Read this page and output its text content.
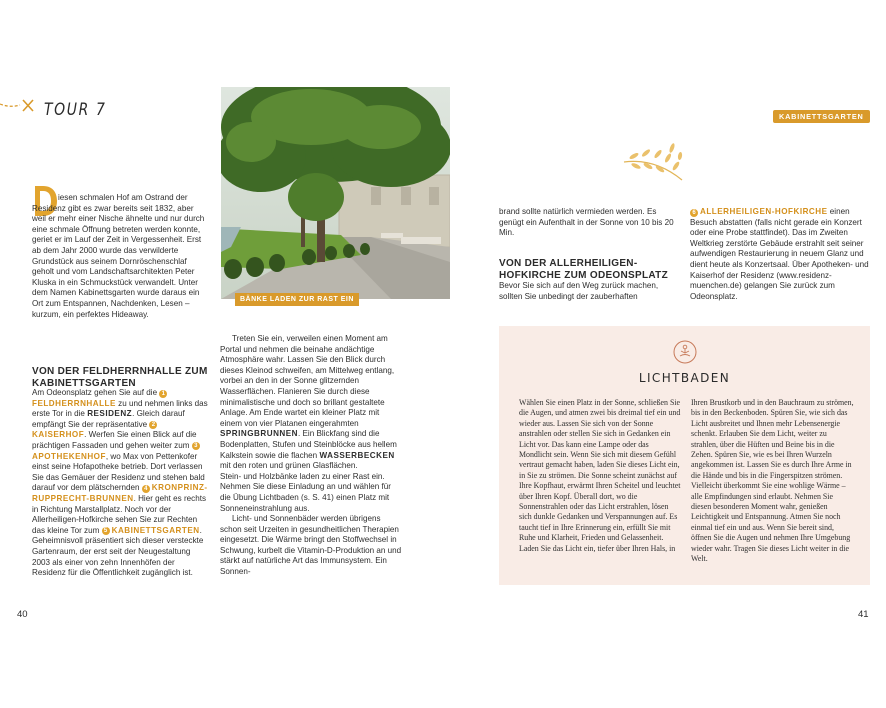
TOUR 7
BÄNKE LADEN ZUR RAST EIN

iesen schmalen Hof am Ostrand der Residenz gibt es zwar bereits seit 1832, aber weil er mehr einer Nische ähnelte und nur durch eine schmale Öffnung betreten werden konnte, geriet er im Lauf der Zeit in Vergessenheit. Erst ab dem Jahr 2000 wurde das verwilderte Grundstück aus seinem Dornröschenschlaf geholt und vom Landschaftsarchitekten Peter Kluska in ein Schmuckstück verwandelt. Unter dem Namen Kabinettsgarten wurde daraus ein Ort zum Entspannen, Nachdenken, Lesen – kurzum, ein perfektes Hideaway.

VON DER FELDHERRNHALLE ZUM KABINETTSGARTEN
Am Odeonsplatz gehen Sie auf die 1FELDHERRNHALLE zu und nehmen links das erste Tor in die RESIDENZ. Gleich darauf empfängt Sie der repräsentative 2KAISERHOF. Werfen Sie einen Blick auf die prächtigen Fassaden und gehen weiter zum 3APOTHEKENHOF, wo Max von Pettenkofer einst seine Hofapotheke betrieb. Dort verlassen Sie das Gemäuer der Residenz und stehen bald darauf vor dem plätschernden 4 KRONPRINZ-RUPPRECHT-BRUNNEN. Hier geht es rechts in Richtung Marstallplatz. Noch vor der Allerheiligen-Hofkirche sehen Sie zur Rechten das kleine Tor zum 5 KABINETTSGARTEN. Geheimnisvoll präsentiert sich dieser versteckte Gartenraum, der erst seit der Neugestaltung 2003 als einer von zehn Innenhöfen der Residenz für die Öffentlichkeit zugänglich ist.

Treten Sie ein, verweilen einen Moment am Portal und nehmen die beinahe andächtige Atmosphäre wahr. Lassen Sie den Blick durch dieses Kleinod schweifen, am Mittelweg entlang, vorbei an den in der Sonne glitzernden Wasserflächen. Flanieren Sie durch diese minimalistische und doch so brillant gestaltete Anlage. Am Ende wartet ein kleiner Platz mit einem von vier Platanen eingerahmten SPRINGBRUNNEN. Ein Blickfang sind die Bodenplatten, Stufen und Steinblöcke aus hellem Kalkstein sowie die flachen WASSERBECKEN mit den roten und grünen Glasflächen.

Stein- und Holzbänke laden zu einer Rast ein. Nehmen Sie diese Einladung an und wählen für die Übung Lichtbaden (s. S. 41) einen Platz mit Sonneneinstrahlung aus.

Licht- und Sonnenbäder werden übrigens schon seit Urzeiten in gesundheitlichen Therapien eingesetzt. Die Wärme bringt den Stoffwechsel in Schwung, kurbelt die Vitamin-D-Produktion an und stärkt auf natürliche Art das Immunsystem. Ein Sonnen-

40
KABINETTSGARTEN
brand sollte natürlich vermieden werden. Es genügt ein Aufenthalt in der Sonne von 10 bis 20 Min.
VON DER ALLERHEILIGEN-HOFKIRCHE ZUM ODEONSPLATZ
Bevor Sie sich auf den Weg zurück machen, sollten Sie unbedingt der zauberhaften
6 ALLERHEILIGEN-HOFKIRCHE einen Besuch abstatten (falls nicht gerade ein Konzert oder eine Probe stattfindet). Das im Zweiten Weltkrieg zerstörte Gebäude erstrahlt seit seiner aufwendigen Restaurierung in neuem Glanz und dient heute als Konzertsaal. Über Apotheken- und Kaiserhof der Residenz (www.residenz-muenchen.de) gelangen Sie zurück zum Odeonsplatz.
LICHTBADEN
Wählen Sie einen Platz in der Sonne, schließen Sie die Augen, und atmen zwei bis dreimal tief ein und wieder aus. Lassen Sie sich von der Sonne anstrahlen oder stellen Sie sich in Gedanken ein Licht vor. Das kann eine Lampe oder das Mondlicht sein. Wenn Sie sich mit diesem Gefühl vertraut gemacht haben, laden Sie dieses Licht ein, in Sie zu strömen. Die Sonne scheint zunächst auf Ihre Kopfhaut, erwärmt Ihren Scheitel und leuchtet über Ihren Kopf. Überall dort, wo die Sonnenstrahlen oder das Licht erstrahlen, lösen sich dunkle Gedanken und Verspannungen auf. Es taucht tief in Ihre Erinnerung ein, erfüllt Sie mit Ruhe und Klarheit, Frieden und Gelassenheit. Laden Sie das Licht ein, tiefer über Ihren Hals, in
Ihren Brustkorb und in den Bauchraum zu strömen, bis in den Beckenboden. Spüren Sie, wie sich das Licht ausbreitet und Ihnen mehr Lebensenergie schenkt. Erlauben Sie dem Licht, weiter zu strahlen, über die Hüften und Beine bis in die Zehen. Spüren Sie, wie es bei Ihren Wurzeln angekommen ist. Lassen Sie es durch Ihre Arme in die Hände und bis in die Fingerspitzen strömen. Vielleicht überkommt Sie eine wohlige Wärme – alle Empfindungen sind erlaubt. Nehmen Sie diesen besonderen Moment wahr, genießen Leichtigkeit und Entspannung. Atmen Sie noch einmal tief ein und aus. Wenn Sie bereit sind, öffnen Sie die Augen und nehmen Ihre Umgebung wieder wahr. Tragen Sie dieses Licht weiter in die Welt.
41
